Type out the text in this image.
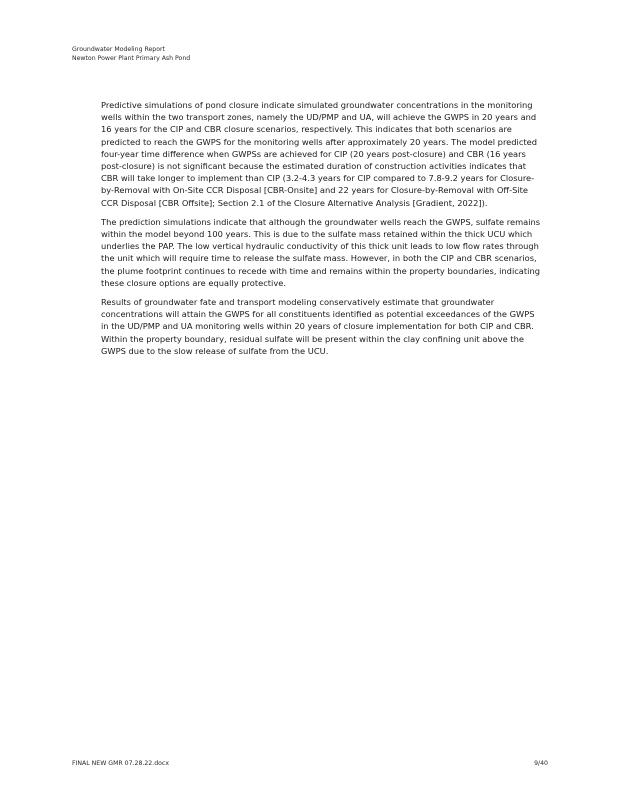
Groundwater Modeling Report
Newton Power Plant Primary Ash Pond

Predictive simulations of pond closure indicate simulated groundwater concentrations in the monitoring wells within the two transport zones, namely the UD/PMP and UA, will achieve the GWPS in 20 years and 16 years for the CIP and CBR closure scenarios, respectively. This indicates that both scenarios are predicted to reach the GWPS for the monitoring wells after approximately 20 years. The model predicted four-year time difference when GWPSs are achieved for CIP (20 years post-closure) and CBR (16 years post-closure) is not significant because the estimated duration of construction activities indicates that CBR will take longer to implement than CIP (3.2-4.3 years for CIP compared to 7.8-9.2 years for Closure-by-Removal with On-Site CCR Disposal [CBR-Onsite] and 22 years for Closure-by-Removal with Off-Site CCR Disposal [CBR Offsite]; Section 2.1 of the Closure Alternative Analysis [Gradient, 2022]).

The prediction simulations indicate that although the groundwater wells reach the GWPS, sulfate remains within the model beyond 100 years. This is due to the sulfate mass retained within the thick UCU which underlies the PAP. The low vertical hydraulic conductivity of this thick unit leads to low flow rates through the unit which will require time to release the sulfate mass. However, in both the CIP and CBR scenarios, the plume footprint continues to recede with time and remains within the property boundaries, indicating these closure options are equally protective.

Results of groundwater fate and transport modeling conservatively estimate that groundwater concentrations will attain the GWPS for all constituents identified as potential exceedances of the GWPS in the UD/PMP and UA monitoring wells within 20 years of closure implementation for both CIP and CBR. Within the property boundary, residual sulfate will be present within the clay confining unit above the GWPS due to the slow release of sulfate from the UCU.

FINAL NEW GMR 07.28.22.docx	9/40
